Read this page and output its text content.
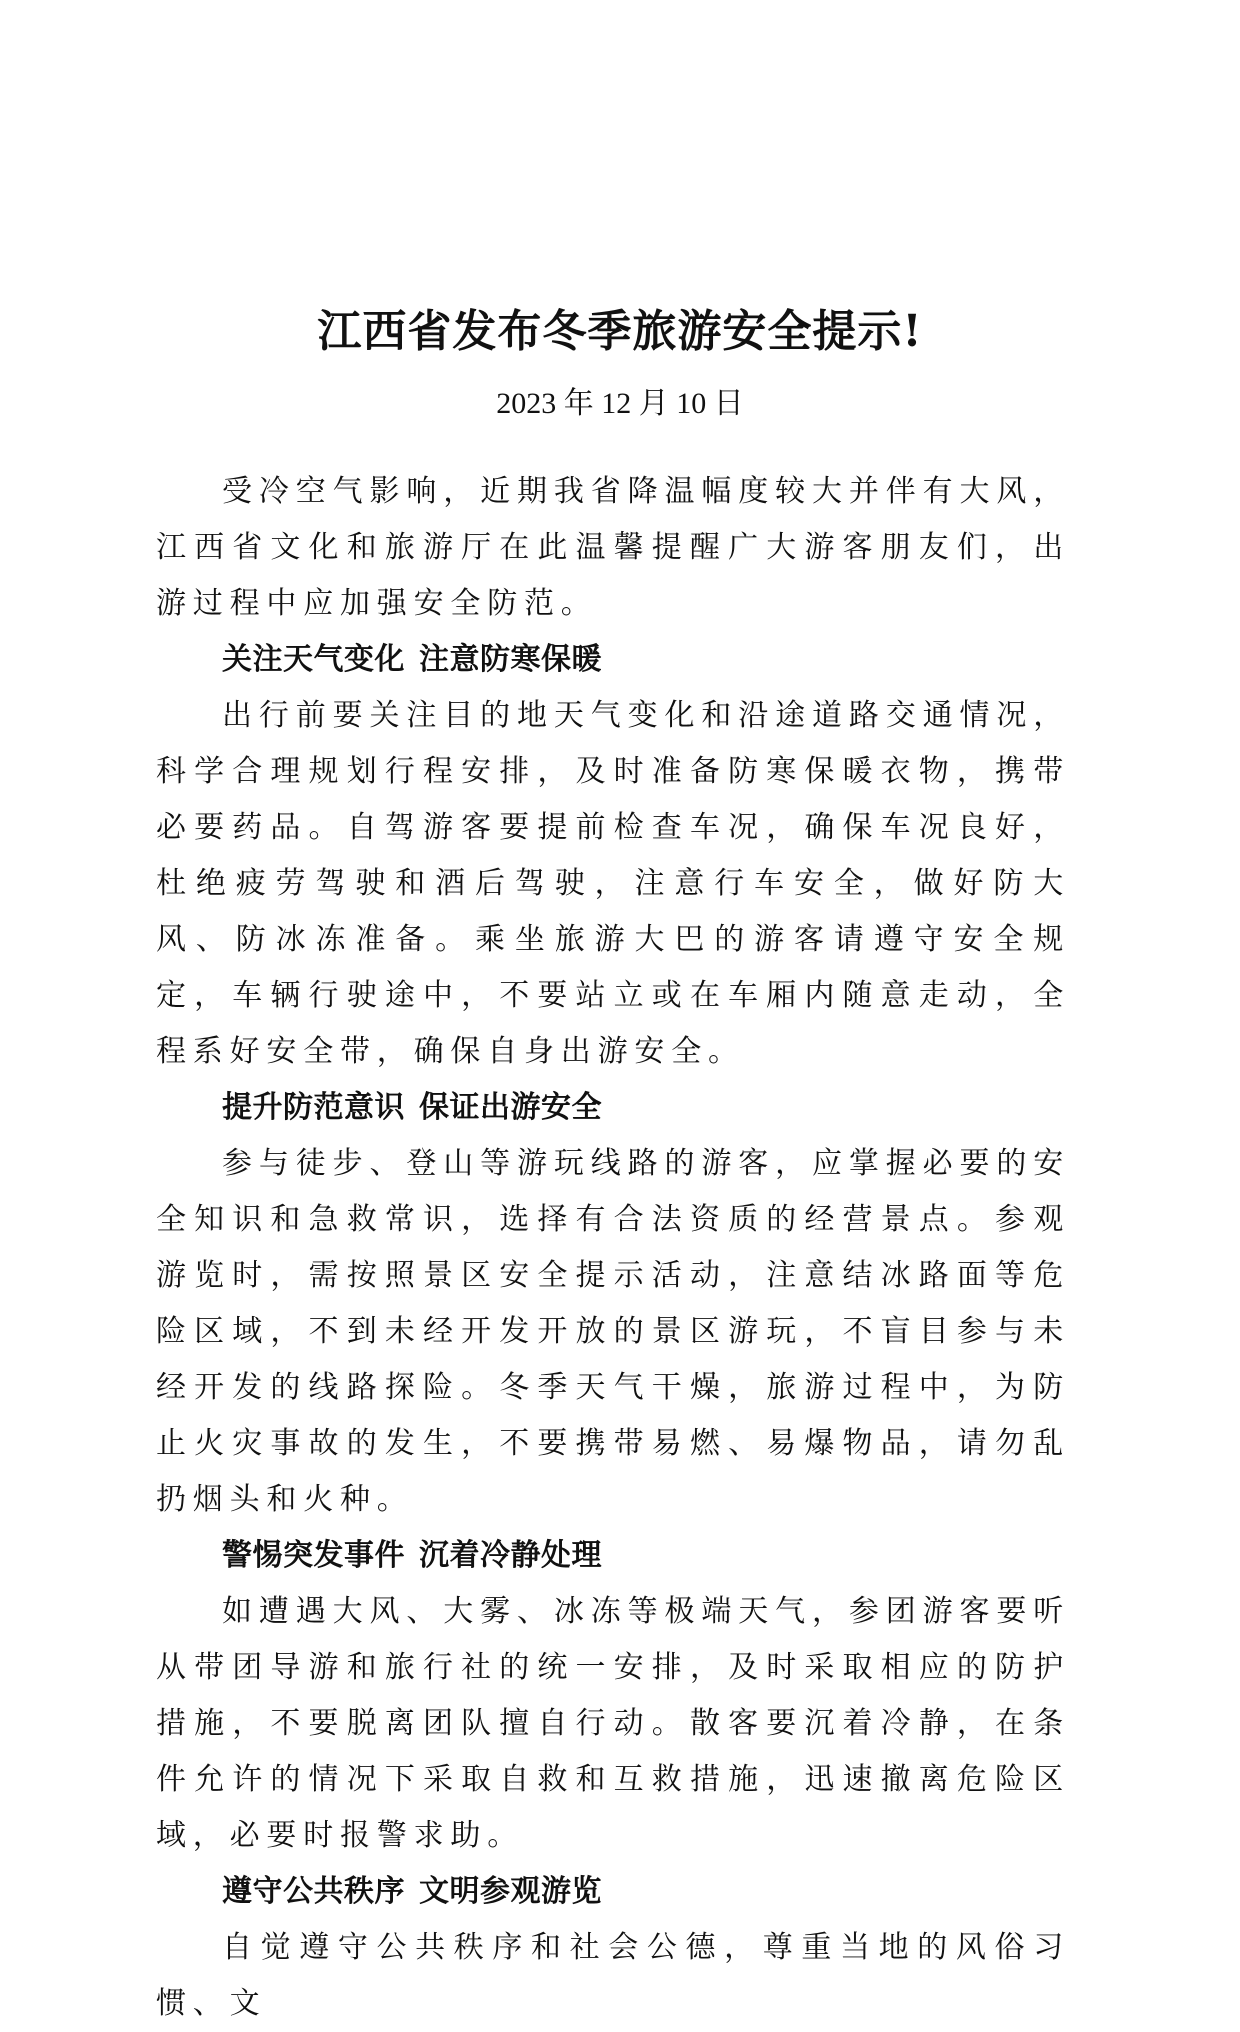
江西省发布冬季旅游安全提示!
2023 年 12 月 10 日

受冷空气影响，近期我省降温幅度较大并伴有大风，江西省文化和旅游厅在此温馨提醒广大游客朋友们，出游过程中应加强安全防范。

关注天气变化 注意防寒保暖

出行前要关注目的地天气变化和沿途道路交通情况，科学合理规划行程安排，及时准备防寒保暖衣物，携带必要药品。自驾游客要提前检查车况，确保车况良好，杜绝疲劳驾驶和酒后驾驶，注意行车安全，做好防大风、防冰冻准备。乘坐旅游大巴的游客请遵守安全规定，车辆行驶途中，不要站立或在车厢内随意走动，全程系好安全带，确保自身出游安全。

提升防范意识 保证出游安全

参与徒步、登山等游玩线路的游客，应掌握必要的安全知识和急救常识，选择有合法资质的经营景点。参观游览时，需按照景区安全提示活动，注意结冰路面等危险区域，不到未经开发开放的景区游玩，不盲目参与未经开发的线路探险。冬季天气干燥，旅游过程中，为防止火灾事故的发生，不要携带易燃、易爆物品，请勿乱扔烟头和火种。

警惕突发事件 沉着冷静处理

如遭遇大风、大雾、冰冻等极端天气，参团游客要听从带团导游和旅行社的统一安排，及时采取相应的防护措施，不要脱离团队擅自行动。散客要沉着冷静，在条件允许的情况下采取自救和互救措施，迅速撤离危险区域，必要时报警求助。

遵守公共秩序 文明参观游览

自觉遵守公共秩序和社会公德，尊重当地的风俗习惯、文
